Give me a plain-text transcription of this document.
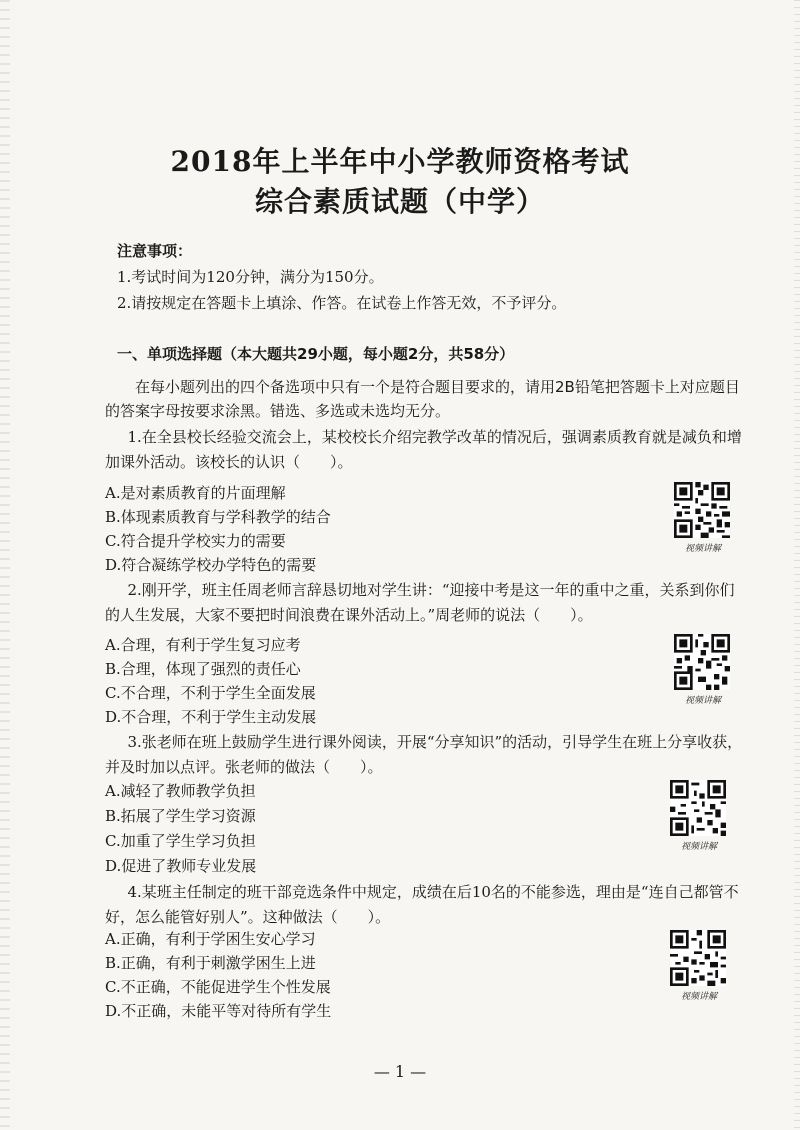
2018年上半年中小学教师资格考试
综合素质试题（中学）
注意事项：
1.考试时间为120分钟，满分为150分。
2.请按规定在答题卡上填涂、作答。在试卷上作答无效，不予评分。
一、单项选择题（本大题共29小题，每小题2分，共58分）
在每小题列出的四个备选项中只有一个是符合题目要求的，请用2B铅笔把答题卡上对应题目的答案字母按要求涂黑。错选、多选或未选均无分。
1.在全县校长经验交流会上，某校校长介绍完教学改革的情况后，强调素质教育就是减负和增加课外活动。该校长的认识（　　）。
A.是对素质教育的片面理解
B.体现素质教育与学科教学的结合
C.符合提升学校实力的需要
D.符合凝练学校办学特色的需要
视频讲解
2.刚开学，班主任周老师言辞恳切地对学生讲：“迎接中考是这一年的重中之重，关系到你们的人生发展，大家不要把时间浪费在课外活动上。”周老师的说法（　　）。
A.合理，有利于学生复习应考
B.合理，体现了强烈的责任心
C.不合理，不利于学生全面发展
D.不合理，不利于学生主动发展
视频讲解
3.张老师在班上鼓励学生进行课外阅读，开展“分享知识”的活动，引导学生在班上分享收获，并及时加以点评。张老师的做法（　　）。
A.减轻了教师教学负担
B.拓展了学生学习资源
C.加重了学生学习负担
D.促进了教师专业发展
视频讲解
4.某班主任制定的班干部竞选条件中规定，成绩在后10名的不能参选，理由是“连自己都管不好，怎么能管好别人”。这种做法（　　）。
A.正确，有利于学困生安心学习
B.正确，有利于刺激学困生上进
C.不正确，不能促进学生个性发展
D.不正确，未能平等对待所有学生
视频讲解
— 1 —
